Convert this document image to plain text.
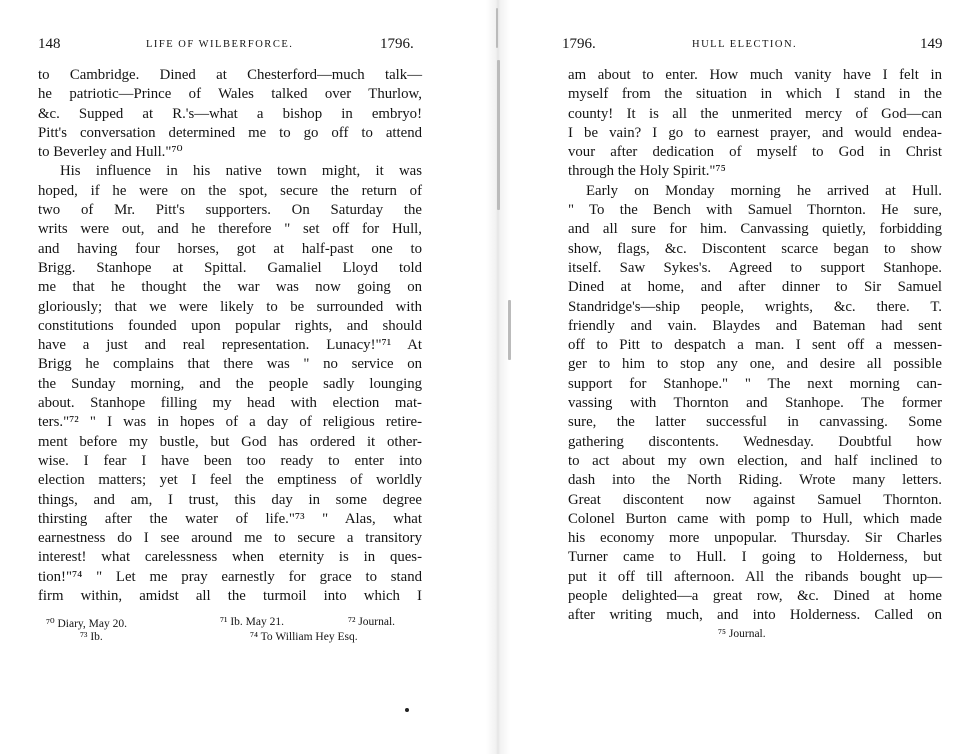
148	LIFE OF WILBERFORCE.	1796.
to Cambridge. Dined at Chesterford—much talk—
he patriotic—Prince of Wales talked over Thurlow,
&c. Supped at R.'s—what a bishop in embryo!
Pitt's conversation determined me to go off to attend
to Beverley and Hull."⁷⁰
His influence in his native town might, it was
hoped, if he were on the spot, secure the return of
two of Mr. Pitt's supporters. On Saturday the
writs were out, and he therefore " set off for Hull,
and having four horses, got at half-past one to
Brigg. Stanhope at Spittal. Gamaliel Lloyd told
me that he thought the war was now going on
gloriously; that we were likely to be surrounded with
constitutions founded upon popular rights, and should
have a just and real representation. Lunacy!"⁷¹ At
Brigg he complains that there was " no service on
the Sunday morning, and the people sadly lounging
about. Stanhope filling my head with election mat-
ters."⁷² " I was in hopes of a day of religious retire-
ment before my bustle, but God has ordered it other-
wise. I fear I have been too ready to enter into
election matters; yet I feel the emptiness of worldly
things, and am, I trust, this day in some degree
thirsting after the water of life."⁷³ " Alas, what
earnestness do I see around me to secure a transitory
interest! what carelessness when eternity is in ques-
tion!"⁷⁴ " Let me pray earnestly for grace to stand
firm within, amidst all the turmoil into which I
⁷⁰ Diary, May 20.	⁷¹ Ib. May 21.	⁷² Journal.
⁷³ Ib.	⁷⁴ To William Hey Esq.
1796.	HULL ELECTION.	149
am about to enter. How much vanity have I felt in
myself from the situation in which I stand in the
county! It is all the unmerited mercy of God—can
I be vain? I go to earnest prayer, and would endea-
vour after dedication of myself to God in Christ
through the Holy Spirit."⁷⁵
Early on Monday morning he arrived at Hull.
" To the Bench with Samuel Thornton. He sure,
and all sure for him. Canvassing quietly, forbidding
show, flags, &c. Discontent scarce began to show
itself. Saw Sykes's. Agreed to support Stanhope.
Dined at home, and after dinner to Sir Samuel
Standridge's—ship people, wrights, &c. there. T.
friendly and vain. Blaydes and Bateman had sent
off to Pitt to despatch a man. I sent off a messen-
ger to him to stop any one, and desire all possible
support for Stanhope." " The next morning can-
vassing with Thornton and Stanhope. The former
sure, the latter successful in canvassing. Some
gathering discontents. Wednesday. Doubtful how
to act about my own election, and half inclined to
dash into the North Riding. Wrote many letters.
Great discontent now against Samuel Thornton.
Colonel Burton came with pomp to Hull, which made
his economy more unpopular. Thursday. Sir Charles
Turner came to Hull. I going to Holderness, but
put it off till afternoon. All the ribands bought up—
people delighted—a great row, &c. Dined at home
after writing much, and into Holderness. Called on
⁷⁵ Journal.
